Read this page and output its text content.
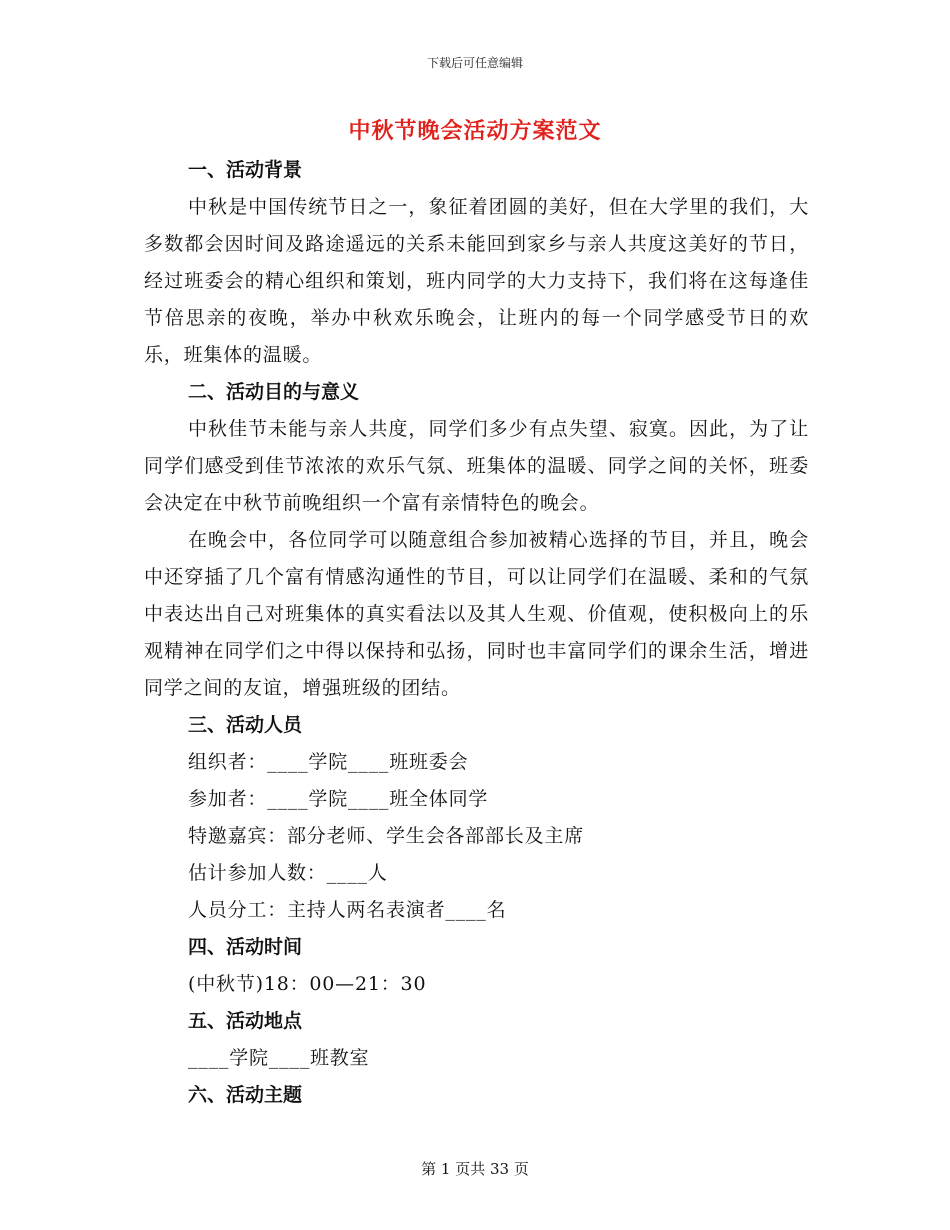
下载后可任意编辑
中秋节晚会活动方案范文
一、活动背景

中秋是中国传统节日之一，象征着团圆的美好，但在大学里的我们，大多数都会因时间及路途遥远的关系未能回到家乡与亲人共度这美好的节日，经过班委会的精心组织和策划，班内同学的大力支持下，我们将在这每逢佳节倍思亲的夜晚，举办中秋欢乐晚会，让班内的每一个同学感受节日的欢乐，班集体的温暖。

二、活动目的与意义

中秋佳节未能与亲人共度，同学们多少有点失望、寂寞。因此，为了让同学们感受到佳节浓浓的欢乐气氛、班集体的温暖、同学之间的关怀，班委会决定在中秋节前晚组织一个富有亲情特色的晚会。

在晚会中，各位同学可以随意组合参加被精心选择的节目，并且，晚会中还穿插了几个富有情感沟通性的节目，可以让同学们在温暖、柔和的气氛中表达出自己对班集体的真实看法以及其人生观、价值观，使积极向上的乐观精神在同学们之中得以保持和弘扬，同时也丰富同学们的课余生活，增进同学之间的友谊，增强班级的团结。

三、活动人员
组织者：____学院____班班委会
参加者：____学院____班全体同学
特邀嘉宾：部分老师、学生会各部部长及主席
估计参加人数：____人
人员分工：主持人两名表演者____名
四、活动时间
(中秋节)18：00—21：30
五、活动地点
____学院____班教室
六、活动主题
第 1 页共 33 页
